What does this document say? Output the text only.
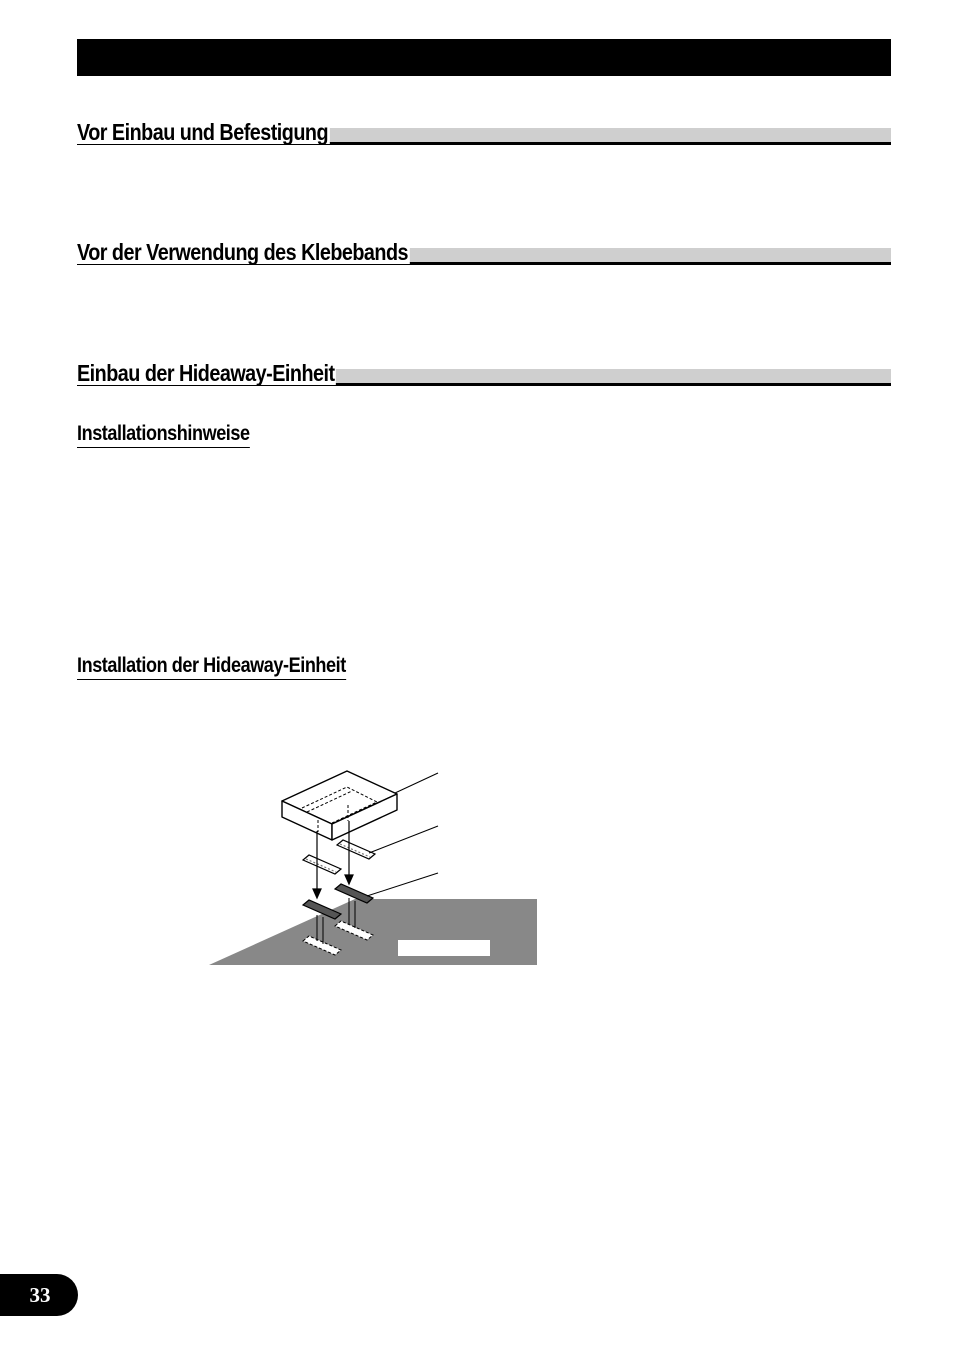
Vor Einbau und Befestigung
Vor der Verwendung des Klebebands
Einbau der Hideaway-Einheit
Installationshinweise
Installation der Hideaway-Einheit
33
